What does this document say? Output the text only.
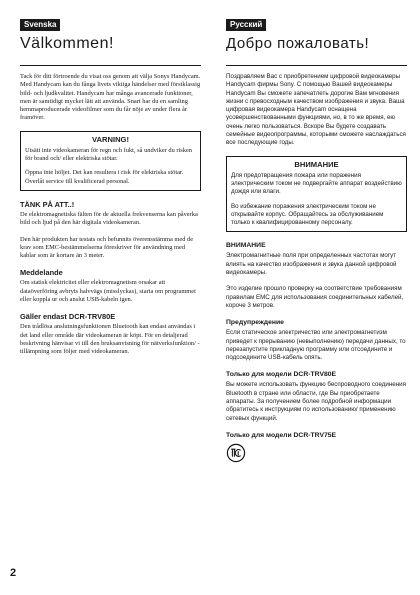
Svenska
Välkommen!

Tack för ditt förtroende du visat oss genom att välja Sonys Handycam. Med Handycam kan du fånga livets viktiga händelser med förstklassig bild- och ljudkvalitet. Handycam har många avancerade funktioner, men är samtidigt mycket lätt att använda. Snart har du en samling hemmaproducerade videofilmer som du får nöje av under flera år framöver.

VARNING!

Utsätt inte videokameran för regn och fukt, så undviker du risken för brand och/ eller elektriska stötar.

Öppna inte höljet. Det kan resultera i risk för elektriska stötar. Överlåt service till kvalificerad personal.

TÄNK PÅ ATT..!

De elektromagnetiska fälten för de aktuella frekvenserna kan påverka bild och ljud på den här digitala videokameran.

Den här produkten har testats och befunnits överensstämma med de krav som EMC-bestämmelserna föreskriver för användning med kablar som är kortare än 3 meter.

Meddelande

Om statisk elektricitet eller elektromagnetism orsakar att dataöverföring avbryts halvvägs (misslyckas), starta om programmet eller koppla ur och anslut USB-kabeln igen.

Gäller endast DCR-TRV80E

Den trådlösa anslutningsfunktionen Bluetooth kan endast användas i det land eller område där videokameran är köpt. För en detaljerad beskrivning hänvisar vi till den bruksanvisning för nätverksfunktion/ -tillämpning som följer med videokameran.

Русский
Добро пожаловать!

Поздравляем Вас с приобретением цифровой видеокамеры Handycam фирмы Sony. С помощью Вашей видеокамеры Handycam Вы сможете запечатлеть дорогие Вам мгновения жизни с превосходным качеством изображения и звука. Ваша цифровая видеокамера Handycam оснащена усовершенствованными функциями, но, в то же время, ею очень легко пользоваться. Вскоре Вы будете создавать семейные видеопрограммы, которыми сможете наслаждаться все последующие годы.

ВНИМАНИЕ

Для предотвращения пожара или поражения электрическим током не подвергайте аппарат воздействию дождя или влаги.

Во избежание поражения электрическим током не открывайте корпус. Обращайтесь за обслуживанием только к квалифицированному персоналу.

ВНИМАНИЕ

Электромагнитные поля при определенных частотах могут влиять на качество изображения и звука данной цифровой видеокамеры.

Это изделие прошло проверку на соответствие требованиям правилам EMC для использования соединительных кабелей, короче 3 метров.

Предупреждение

Если статическое электричество или электромагнетизм приведет к прерыванию (невыполнению) передачи данных, то перезапустите прикладную программу или отсоедините и подсоедините USB-кабель опять.

Только для модели DCR-TRV80E

Вы можете использовать функцию беспроводного соединения Bluetooth в стране или области, где Вы приобретаете аппараты. За получением более подробной информации обратитесь к инструкциям по использованию/ применению сетевых функций.

Только для модели DCR-TRV75E
2
